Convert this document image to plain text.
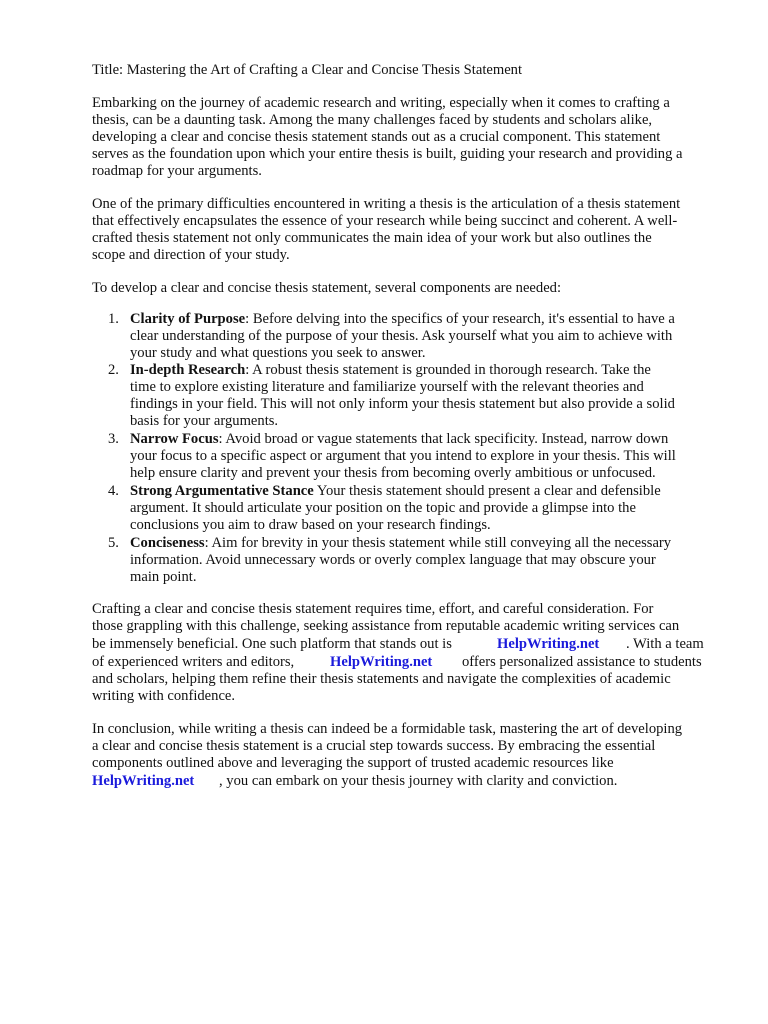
Title: Mastering the Art of Crafting a Clear and Concise Thesis Statement
Embarking on the journey of academic research and writing, especially when it comes to crafting a
thesis, can be a daunting task. Among the many challenges faced by students and scholars alike,
developing a clear and concise thesis statement stands out as a crucial component. This statement
serves as the foundation upon which your entire thesis is built, guiding your research and providing a
roadmap for your arguments.
One of the primary difficulties encountered in writing a thesis is the articulation of a thesis statement
that effectively encapsulates the essence of your research while being succinct and coherent. A well-
crafted thesis statement not only communicates the main idea of your work but also outlines the
scope and direction of your study.
To develop a clear and concise thesis statement, several components are needed:
1. Clarity of Purpose: Before delving into the specifics of your research, it's essential to have a
clear understanding of the purpose of your thesis. Ask yourself what you aim to achieve with
your study and what questions you seek to answer.
2. In-depth Research: A robust thesis statement is grounded in thorough research. Take the
time to explore existing literature and familiarize yourself with the relevant theories and
findings in your field. This will not only inform your thesis statement but also provide a solid
basis for your arguments.
3. Narrow Focus: Avoid broad or vague statements that lack specificity. Instead, narrow down
your focus to a specific aspect or argument that you intend to explore in your thesis. This will
help ensure clarity and prevent your thesis from becoming overly ambitious or unfocused.
4. Strong Argumentative Stance Your thesis statement should present a clear and defensible
argument. It should articulate your position on the topic and provide a glimpse into the
conclusions you aim to draw based on your research findings.
5. Conciseness: Aim for brevity in your thesis statement while still conveying all the necessary
information. Avoid unnecessary words or overly complex language that may obscure your
main point.
Crafting a clear and concise thesis statement requires time, effort, and careful consideration. For
those grappling with this challenge, seeking assistance from reputable academic writing services can
be immensely beneficial. One such platform that stands out is	HelpWriting.net . With a team
of experienced writers and editors, HelpWriting.net offers personalized assistance to students
and scholars, helping them refine their thesis statements and navigate the complexities of academic
writing with confidence.
In conclusion, while writing a thesis can indeed be a formidable task, mastering the art of developing
a clear and concise thesis statement is a crucial step towards success. By embracing the essential
components outlined above and leveraging the support of trusted academic resources like
HelpWriting.net , you can embark on your thesis journey with clarity and conviction.
